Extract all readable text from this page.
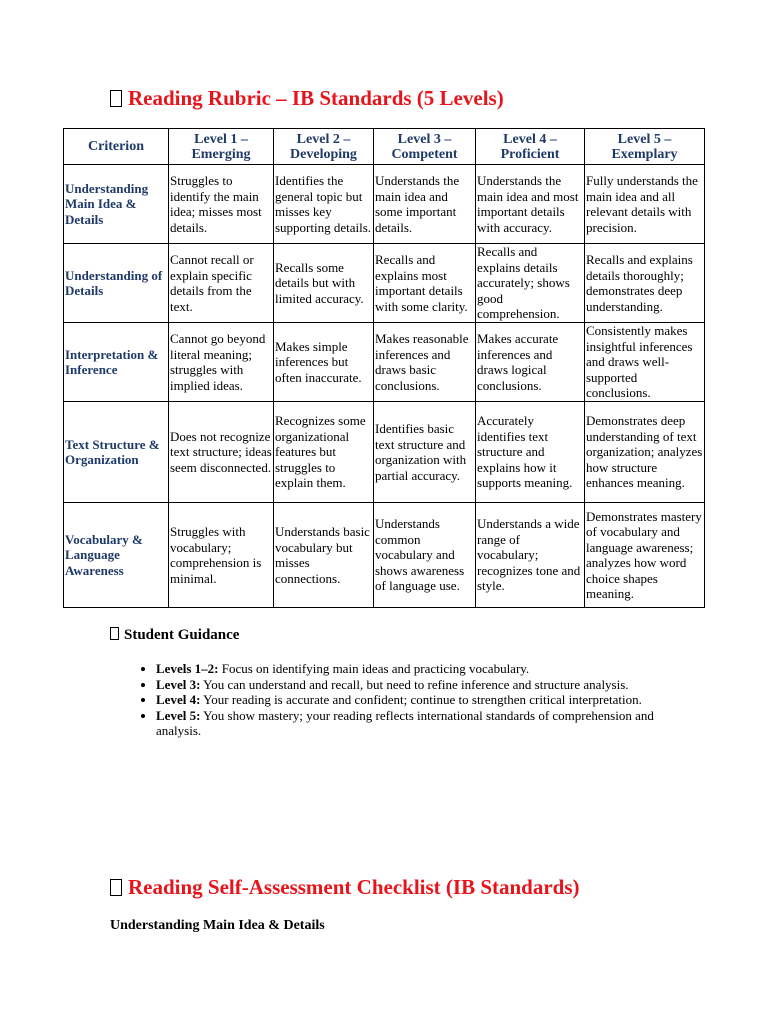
Reading Rubric – IB Standards (5 Levels)
Criterion	Level 1 – Emerging	Level 2 – Developing	Level 3 – Competent	Level 4 – Proficient	Level 5 – Exemplary
Understanding Main Idea & Details	Struggles to identify the main idea; misses most details.	Identifies the general topic but misses key supporting details.	Understands the main idea and some important details.	Understands the main idea and most important details with accuracy.	Fully understands the main idea and all relevant details with precision.
Understanding of Details	Cannot recall or explain specific details from the text.	Recalls some details but with limited accuracy.	Recalls and explains most important details with some clarity.	Recalls and explains details accurately; shows good comprehension.	Recalls and explains details thoroughly; demonstrates deep understanding.
Interpretation & Inference	Cannot go beyond literal meaning; struggles with implied ideas.	Makes simple inferences but often inaccurate.	Makes reasonable inferences and draws basic conclusions.	Makes accurate inferences and draws logical conclusions.	Consistently makes insightful inferences and draws well-supported conclusions.
Text Structure & Organization	Does not recognize text structure; ideas seem disconnected.	Recognizes some organizational features but struggles to explain them.	Identifies basic text structure and organization with partial accuracy.	Accurately identifies text structure and explains how it supports meaning.	Demonstrates deep understanding of text organization; analyzes how structure enhances meaning.
Vocabulary & Language Awareness	Struggles with vocabulary; comprehension is minimal.	Understands basic vocabulary but misses connections.	Understands common vocabulary and shows awareness of language use.	Understands a wide range of vocabulary; recognizes tone and style.	Demonstrates mastery of vocabulary and language awareness; analyzes how word choice shapes meaning.
Student Guidance
• Levels 1–2: Focus on identifying main ideas and practicing vocabulary.
• Level 3: You can understand and recall, but need to refine inference and structure analysis.
• Level 4: Your reading is accurate and confident; continue to strengthen critical interpretation.
• Level 5: You show mastery; your reading reflects international standards of comprehension and analysis.
Reading Self-Assessment Checklist (IB Standards)
Understanding Main Idea & Details
